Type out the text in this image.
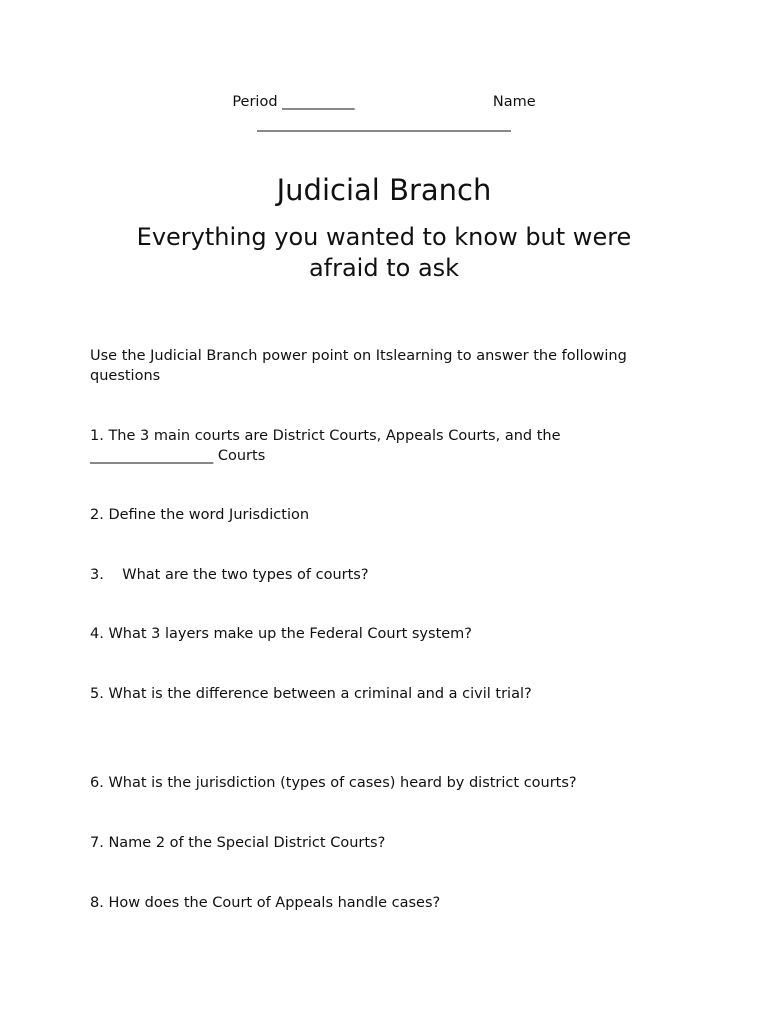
Period __________                              Name
___________________________________
Judicial Branch
Everything you wanted to know but were afraid to ask
Use the Judicial Branch power point on Itslearning to answer the following questions
1. The 3 main courts are District Courts, Appeals Courts, and the _________________ Courts
2. Define the word Jurisdiction
3.    What are the two types of courts?
4. What 3 layers make up the Federal Court system?
5. What is the difference between a criminal and a civil trial?
6. What is the jurisdiction (types of cases) heard by district courts?
7. Name 2 of the Special District Courts?
8. How does the Court of Appeals handle cases?
